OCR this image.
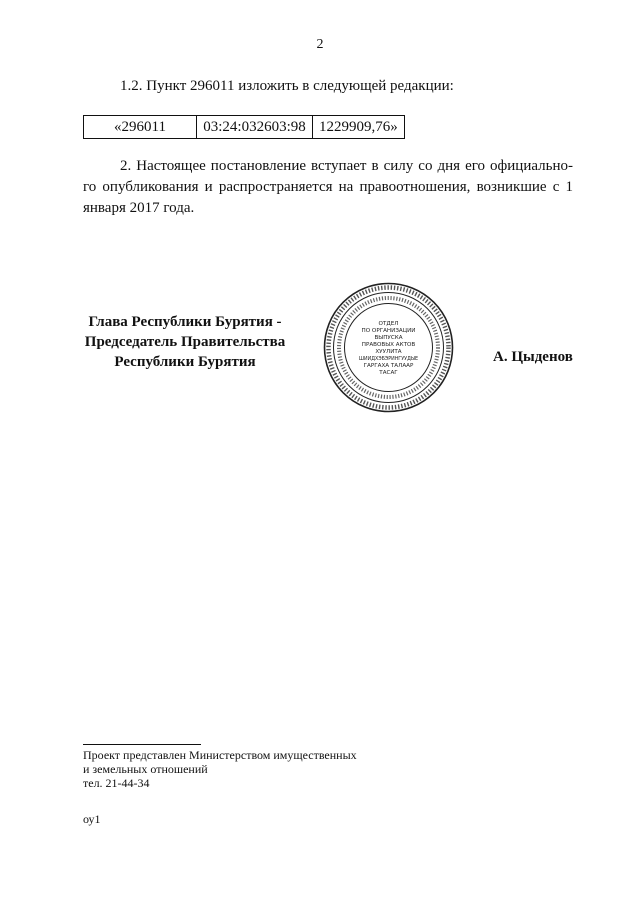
2
1.2. Пункт 296011 изложить в следующей редакции:
«296011	03:24:032603:98	1229909,76»
2. Настоящее постановление вступает в силу со дня его официально-го опубликования и распространяется на правоотношения, возникшие с 1 января 2017 года.
Глава Республики Бурятия -
Председатель Правительства
Республики Бурятия
ОТДЕЛ
ПО ОРГАНИЗАЦИИ
ВЫПУСКА
ПРАВОВЫХ АКТОВ
ХУУЛИТА
ШИИДХЭБЭРИНГУУДЫЕ
ГАРГАХА ТАЛААР
ТАСАГ
А. Цыденов
Проект представлен Министерством имущественных
и земельных отношений
тел. 21-44-34
оу1
